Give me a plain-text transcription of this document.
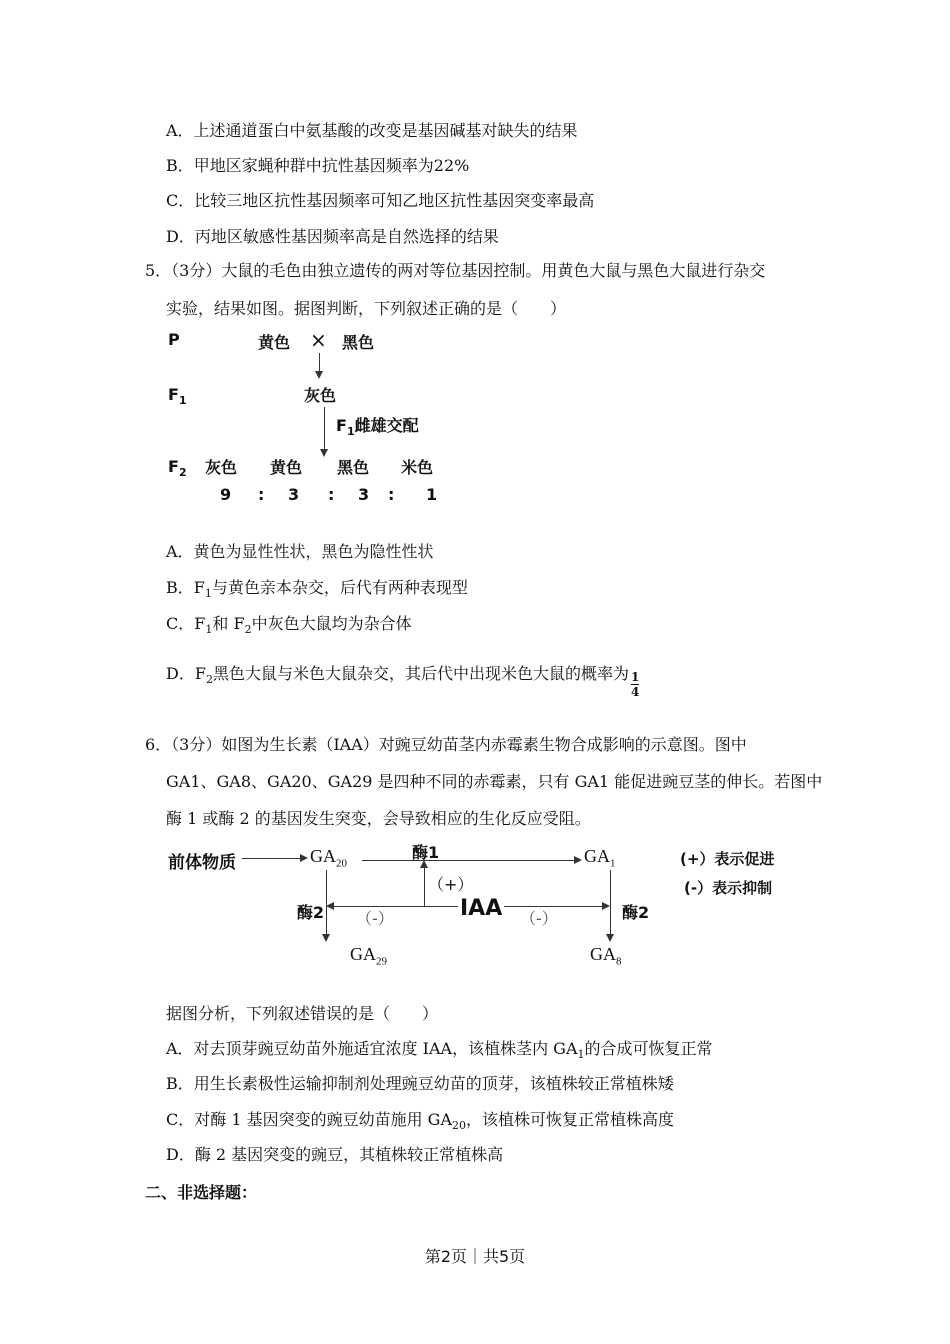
A．上述通道蛋白中氨基酸的改变是基因碱基对缺失的结果
B．甲地区家蝇种群中抗性基因频率为22%
C．比较三地区抗性基因频率可知乙地区抗性基因突变率最高
D．丙地区敏感性基因频率高是自然选择的结果
5．（3分）大鼠的毛色由独立遗传的两对等位基因控制。用黄色大鼠与黑色大鼠进行杂交
实验，结果如图。据图判断，下列叙述正确的是（　　）
P	黄色 × 黑色
$F_1$	灰色
$F_1$雌雄交配
$F_2$ 灰色 黄色 黑色 米色
9 : 3 : 3 : 1
A．黄色为显性性状，黑色为隐性性状
B．$F_1$与黄色亲本杂交，后代有两种表现型
C．$F_1$和 $F_2$中灰色大鼠均为杂合体
D．$F_2$黑色大鼠与米色大鼠杂交，其后代中出现米色大鼠的概率为 $\frac{1}{4}$
6．（3分）如图为生长素（IAA）对豌豆幼苗茎内赤霉素生物合成影响的示意图。图中
GA1、GA8、GA20、GA29 是四种不同的赤霉素，只有 GA1 能促进豌豆茎的伸长。若图中
酶 1 或酶 2 的基因发生突变，会导致相应的生化反应受阻。
前体物质	$GA_{20}$
酶1	$GA_1$
（+）
IAA
（-）	（-）
酶2	酶2
$GA_{29}$	$GA_8$
(+）表示促进
(-）表示抑制
据图分析，下列叙述错误的是（　　）
A．对去顶芽豌豆幼苗外施适宜浓度 IAA，该植株茎内 $GA_1$的合成可恢复正常
B．用生长素极性运输抑制剂处理豌豆幼苗的顶芽，该植株较正常植株矮
C．对酶 1 基因突变的豌豆幼苗施用 $GA_{20}$，该植株可恢复正常植株高度
D．酶 2 基因突变的豌豆，其植株较正常植株高
二、非选择题：
第2页｜共5页
